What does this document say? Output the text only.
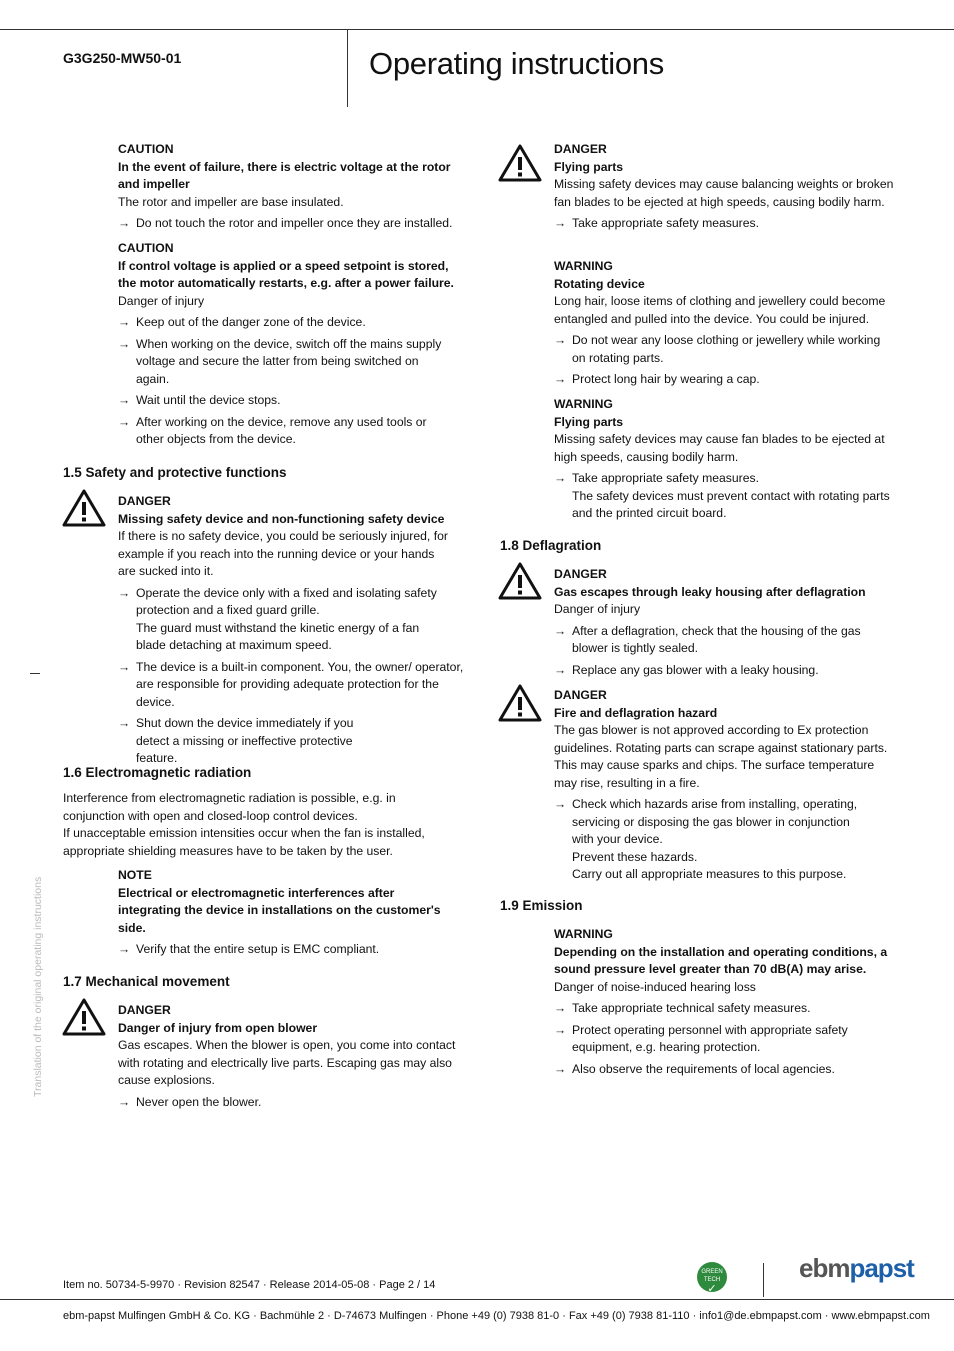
G3G250-MW50-01	Operating instructions

CAUTION

In the event of failure, there is electric voltage at the rotor and impeller

The rotor and impeller are base insulated.

→ Do not touch the rotor and impeller once they are installed.

CAUTION

If control voltage is applied or a speed setpoint is stored, the motor automatically restarts, e.g. after a power failure.

Danger of injury

→ Keep out of the danger zone of the device.
→ When working on the device, switch off the mains supply voltage and secure the latter from being switched on again.
→ Wait until the device stops.
→ After working on the device, remove any used tools or other objects from the device.
1.5 Safety and protective functions

DANGER

Missing safety device and non-functioning safety device

If there is no safety device, you could be seriously injured, for example if you reach into the running device or your hands are sucked into it.

→ Operate the device only with a fixed and isolating safety protection and a fixed guard grille.
The guard must withstand the kinetic energy of a fan blade detaching at maximum speed.
→ The device is a built-in component. You, the owner/ operator, are responsible for providing adequate protection for the device.
→ Shut down the device immediately if you detect a missing or ineffective protective feature.
1.6 Electromagnetic radiation

Interference from electromagnetic radiation is possible, e.g. in conjunction with open and closed-loop control devices.

If unacceptable emission intensities occur when the fan is installed, appropriate shielding measures have to be taken by the user.

NOTE

Electrical or electromagnetic interferences after integrating the device in installations on the customer's side.

→ Verify that the entire setup is EMC compliant.
1.7 Mechanical movement

DANGER

Danger of injury from open blower

Gas escapes. When the blower is open, you come into contact with rotating and electrically live parts. Escaping gas may also cause explosions.

→ Never open the blower.

DANGER

Flying parts

Missing safety devices may cause balancing weights or broken fan blades to be ejected at high speeds, causing bodily harm.

→ Take appropriate safety measures.

WARNING

Rotating device

Long hair, loose items of clothing and jewellery could become entangled and pulled into the device. You could be injured.

→ Do not wear any loose clothing or jewellery while working on rotating parts.
→ Protect long hair by wearing a cap.

WARNING

Flying parts

Missing safety devices may cause fan blades to be ejected at high speeds, causing bodily harm.

→ Take appropriate safety measures.
The safety devices must prevent contact with rotating parts and the printed circuit board.
1.8 Deflagration

DANGER

Gas escapes through leaky housing after deflagration

Danger of injury

→ After a deflagration, check that the housing of the gas blower is tightly sealed.
→ Replace any gas blower with a leaky housing.

DANGER

Fire and deflagration hazard

The gas blower is not approved according to Ex protection guidelines. Rotating parts can scrape against stationary parts. This may cause sparks and chips. The surface temperature may rise, resulting in a fire.

→ Check which hazards arise from installing, operating, servicing or disposing the gas blower in conjunction with your device.
Prevent these hazards.
Carry out all appropriate measures to this purpose.
1.9 Emission

WARNING

Depending on the installation and operating conditions, a sound pressure level greater than 70 dB(A) may arise.

Danger of noise-induced hearing loss

→ Take appropriate technical safety measures.
→ Protect operating personnel with appropriate safety equipment, e.g. hearing protection.
→ Also observe the requirements of local agencies.
Translation of the original operating instructions
Item no. 50734-5-9970 · Revision 82547 · Release 2014-05-08 · Page 2 / 14
GREEN TECH
✓
ebmpapst
ebm-papst Mulfingen GmbH & Co. KG · Bachmühle 2 · D-74673 Mulfingen · Phone +49 (0) 7938 81-0 · Fax +49 (0) 7938 81-110 · info1@de.ebmpapst.com · www.ebmpapst.com
